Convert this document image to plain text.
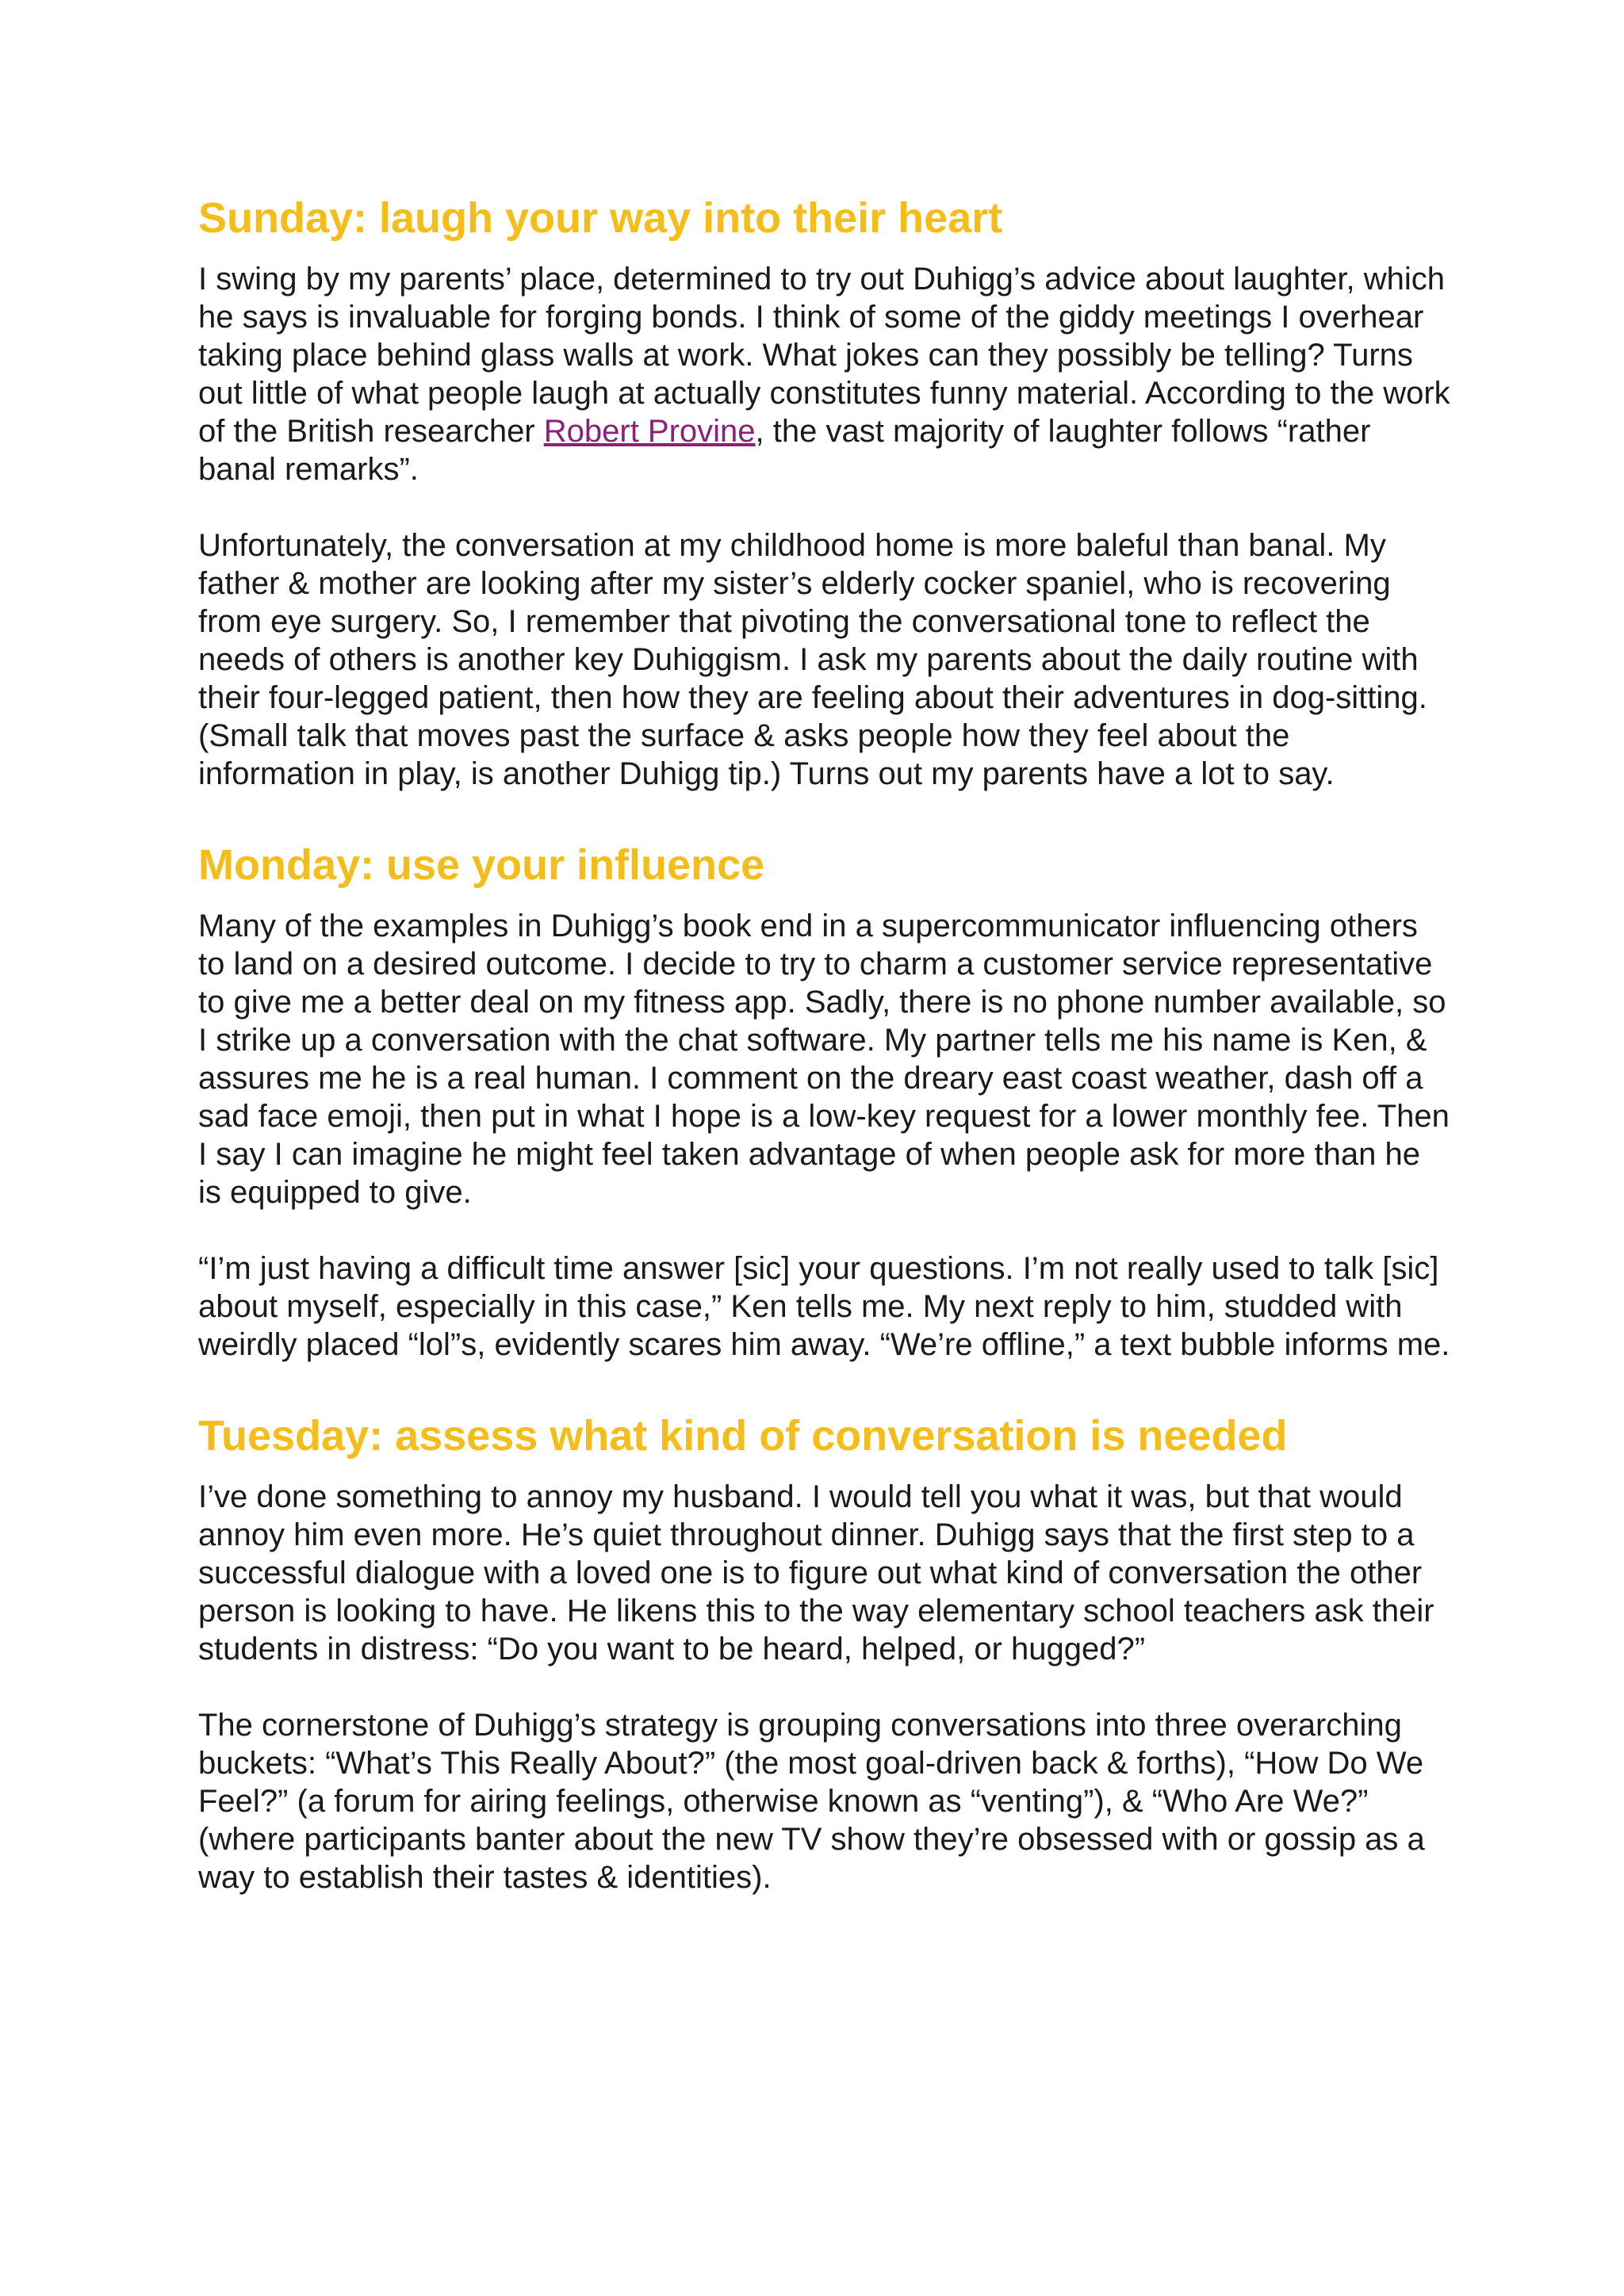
Sunday: laugh your way into their heart

I swing by my parents’ place, determined to try out Duhigg’s advice about laughter, which he says is invaluable for forging bonds. I think of some of the giddy meetings I overhear taking place behind glass walls at work. What jokes can they possibly be telling? Turns out little of what people laugh at actually constitutes funny material. According to the work of the British researcher Robert Provine, the vast majority of laughter follows “rather banal remarks”.

Unfortunately, the conversation at my childhood home is more baleful than banal. My father & mother are looking after my sister’s elderly cocker spaniel, who is recovering from eye surgery. So, I remember that pivoting the conversational tone to reflect the needs of others is another key Duhiggism. I ask my parents about the daily routine with their four-legged patient, then how they are feeling about their adventures in dog-sitting. (Small talk that moves past the surface & asks people how they feel about the information in play, is another Duhigg tip.) Turns out my parents have a lot to say.

Monday: use your influence

Many of the examples in Duhigg’s book end in a supercommunicator influencing others to land on a desired outcome. I decide to try to charm a customer service representative to give me a better deal on my fitness app. Sadly, there is no phone number available, so I strike up a conversation with the chat software. My partner tells me his name is Ken, & assures me he is a real human. I comment on the dreary east coast weather, dash off a sad face emoji, then put in what I hope is a low-key request for a lower monthly fee. Then I say I can imagine he might feel taken advantage of when people ask for more than he is equipped to give.

“I’m just having a difficult time answer [sic] your questions. I’m not really used to talk [sic] about myself, especially in this case,” Ken tells me. My next reply to him, studded with weirdly placed “lol”s, evidently scares him away. “We’re offline,” a text bubble informs me.

Tuesday: assess what kind of conversation is needed

I’ve done something to annoy my husband. I would tell you what it was, but that would annoy him even more. He’s quiet throughout dinner. Duhigg says that the first step to a successful dialogue with a loved one is to figure out what kind of conversation the other person is looking to have. He likens this to the way elementary school teachers ask their students in distress: “Do you want to be heard, helped, or hugged?”

The cornerstone of Duhigg’s strategy is grouping conversations into three overarching buckets: “What’s This Really About?” (the most goal-driven back & forths), “How Do We Feel?” (a forum for airing feelings, otherwise known as “venting”), & “Who Are We?” (where participants banter about the new TV show they’re obsessed with or gossip as a way to establish their tastes & identities).
